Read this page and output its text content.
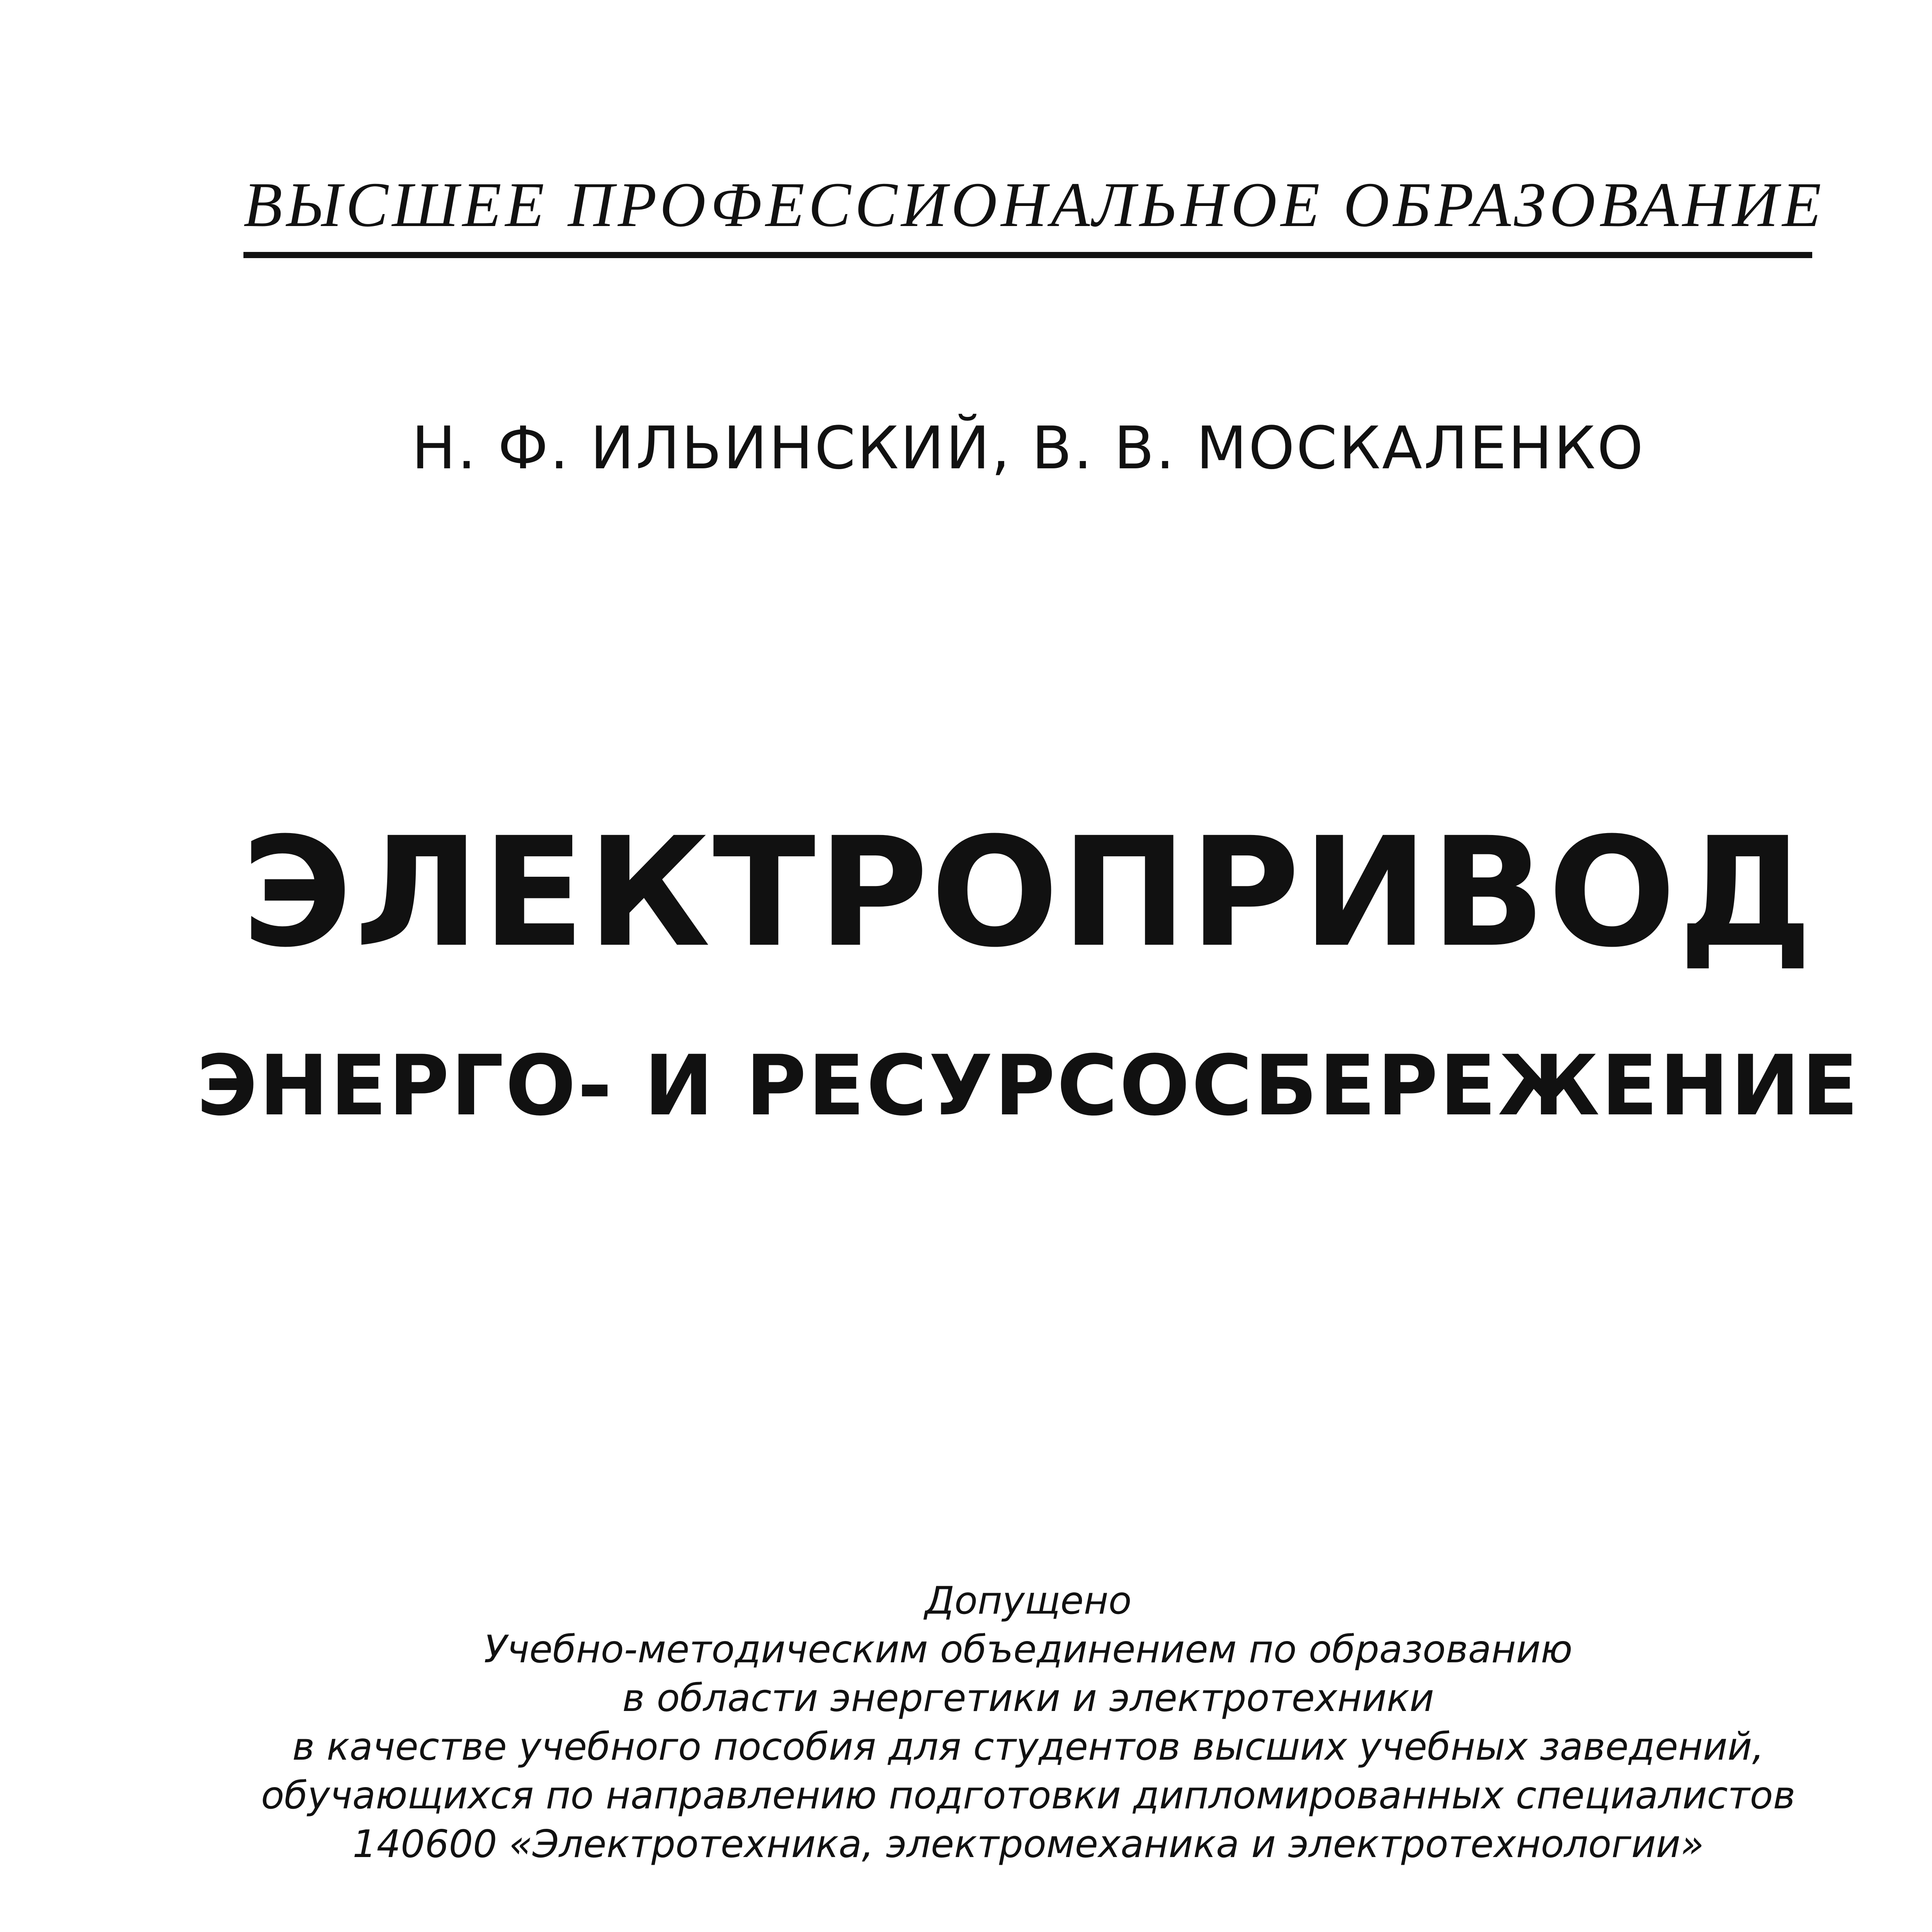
ВЫСШЕЕ ПРОФЕССИОНАЛЬНОЕ ОБРАЗОВАНИЕ
Н. Ф. ИЛЬИНСКИЙ, В. В. МОСКАЛЕНКО
ЭЛЕКТРОПРИВОД
ЭНЕРГО- И РЕСУРСОСБЕРЕЖЕНИЕ
Допущено
Учебно-методическим объединением по образованию
в области энергетики и электротехники
в качестве учебного пособия для студентов высших учебных заведений,
обучающихся по направлению подготовки дипломированных специалистов
140600 «Электротехника, электромеханика и электротехнологии»
